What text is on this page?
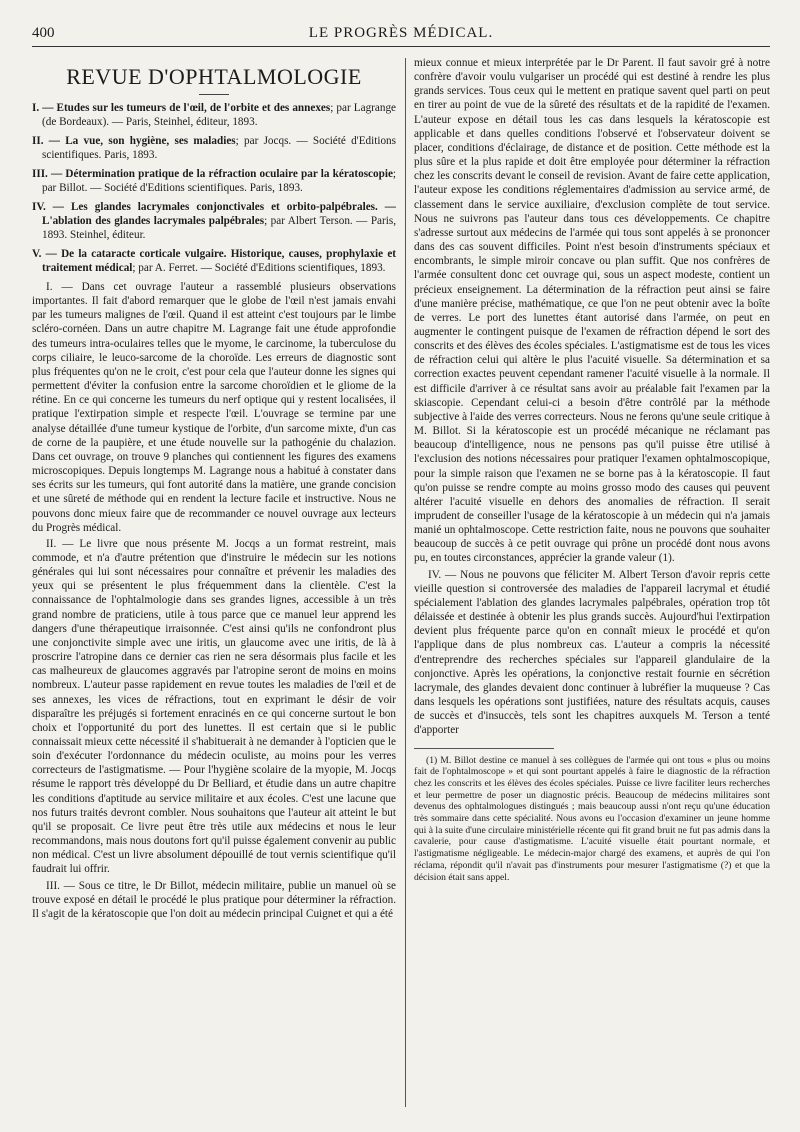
400	LE PROGRÈS MÉDICAL.
REVUE D'OPHTALMOLOGIE

I. — Etudes sur les tumeurs de l'œil, de l'orbite et des annexes; par Lagrange (de Bordeaux). — Paris, Steinhel, éditeur, 1893.

II. — La vue, son hygiène, ses maladies; par Jocqs. — Société d'Editions scientifiques. Paris, 1893.

III. — Détermination pratique de la réfraction oculaire par la kératoscopie; par Billot. — Société d'Editions scientifiques. Paris, 1893.

IV. — Les glandes lacrymales conjonctivales et orbito-palpébrales. — L'ablation des glandes lacrymales palpébrales; par Albert Terson. — Paris, 1893. Steinhel, éditeur.

V. — De la cataracte corticale vulgaire. Historique, causes, prophylaxie et traitement médical; par A. Ferret. — Société d'Editions scientifiques, 1893.

I. — Dans cet ouvrage l'auteur a rassemblé plusieurs observations importantes. Il fait d'abord remarquer que le globe de l'œil n'est jamais envahi par les tumeurs malignes de l'œil. Quand il est atteint c'est toujours par le limbe scléro-cornéen. Dans un autre chapitre M. Lagrange fait une étude approfondie des tumeurs intra-oculaires telles que le myome, le carcinome, la tuberculose du corps ciliaire, le leuco-sarcome de la choroïde. Les erreurs de diagnostic sont plus fréquentes qu'on ne le croit, c'est pour cela que l'auteur donne les signes qui permettent d'éviter la confusion entre la sarcome choroïdien et le gliome de la rétine. En ce qui concerne les tumeurs du nerf optique qui y restent localisées, il pratique l'extirpation simple et respecte l'œil. L'ouvrage se termine par une analyse détaillée d'une tumeur kystique de l'orbite, d'un sarcome mixte, d'un cas de corne de la paupière, et une étude nouvelle sur la pathogénie du chalazion. Dans cet ouvrage, on trouve 9 planches qui contiennent les figures des examens microscopiques. Depuis longtemps M. Lagrange nous a habitué à constater dans ses écrits sur les tumeurs, qui font autorité dans la matière, une grande concision et une sûreté de méthode qui en rendent la lecture facile et instructive. Nous ne pouvons donc mieux faire que de recommander ce nouvel ouvrage aux lecteurs du Progrès médical.

II. — Le livre que nous présente M. Jocqs a un format restreint, mais commode, et n'a d'autre prétention que d'instruire le médecin sur les notions générales qui lui sont nécessaires pour connaître et prévenir les maladies des yeux qui se présentent le plus fréquemment dans la clientèle. C'est la connaissance de l'ophtalmologie dans ses grandes lignes, accessible à un très grand nombre de praticiens, utile à tous parce que ce manuel leur apprend les dangers d'une thérapeutique irraisonnée. C'est ainsi qu'ils ne confondront plus une conjonctivite simple avec une iritis, un glaucome avec une iritis, de là à proscrire l'atropine dans ce dernier cas rien ne sera désormais plus facile et les cas malheureux de glaucomes aggravés par l'atropine seront de moins en moins nombreux. L'auteur passe rapidement en revue toutes les maladies de l'œil et de ses annexes, les vices de réfractions, tout en exprimant le désir de voir disparaître les préjugés si fortement enracinés en ce qui concerne surtout le bon choix et l'opportunité du port des lunettes. Il est certain que si le public connaissait mieux cette nécessité il s'habituerait à ne demander à l'opticien que le soin d'exécuter l'ordonnance du médecin oculiste, au moins pour les verres correcteurs de l'astigmatisme. — Pour l'hygiène scolaire de la myopie, M. Jocqs résume le rapport très développé du Dr Belliard, et étudie dans un autre chapitre les conditions d'aptitude au service militaire et aux écoles. C'est une lacune que nos futurs traités devront combler. Nous souhaitons que l'auteur ait atteint le but qu'il se proposait. Ce livre peut être très utile aux médecins et nous le leur recommandons, mais nous doutons fort qu'il puisse également convenir au public non médical. C'est un livre absolument dépouillé de tout vernis scientifique qu'il faudrait lui offrir.

III. — Sous ce titre, le Dr Billot, médecin militaire, publie un manuel où se trouve exposé en détail le procédé le plus pratique pour déterminer la réfraction. Il s'agit de la kératoscopie que l'on doit au médecin principal Cuignet et qui a été

mieux connue et mieux interprétée par le Dr Parent. Il faut savoir gré à notre confrère d'avoir voulu vulgariser un procédé qui est destiné à rendre les plus grands services. Tous ceux qui le mettent en pratique savent quel parti on peut en tirer au point de vue de la sûreté des résultats et de la rapidité de l'examen. L'auteur expose en détail tous les cas dans lesquels la kératoscopie est applicable et dans quelles conditions l'observé et l'observateur doivent se placer, conditions d'éclairage, de distance et de position. Cette méthode est la plus sûre et la plus rapide et doit être employée pour déterminer la réfraction chez les conscrits devant le conseil de revision. Avant de faire cette application, l'auteur expose les conditions réglementaires d'admission au service armé, de classement dans le service auxiliaire, d'exclusion complète de tout service. Nous ne suivrons pas l'auteur dans tous ces développements. Ce chapitre s'adresse surtout aux médecins de l'armée qui tous sont appelés à se prononcer dans des cas souvent difficiles. Point n'est besoin d'instruments spéciaux et encombrants, le simple miroir concave ou plan suffit. Que nos confrères de l'armée consultent donc cet ouvrage qui, sous un aspect modeste, contient un précieux enseignement. La détermination de la réfraction peut ainsi se faire d'une manière précise, mathématique, ce que l'on ne peut obtenir avec la boîte de verres. Le port des lunettes étant autorisé dans l'armée, on peut en augmenter le contingent puisque de l'examen de réfraction dépend le sort des conscrits et des élèves des écoles spéciales. L'astigmatisme est de tous les vices de réfraction celui qui altère le plus l'acuité visuelle. Sa détermination et sa correction exactes peuvent cependant ramener l'acuité visuelle à la normale. Il est difficile d'arriver à ce résultat sans avoir au préalable fait l'examen par la skiascopie. Cependant celui-ci a besoin d'être contrôlé par la méthode subjective à l'aide des verres correcteurs. Nous ne ferons qu'une seule critique à M. Billot. Si la kératoscopie est un procédé mécanique ne réclamant pas beaucoup d'intelligence, nous ne pensons pas qu'il puisse être utilisé à l'exclusion des notions nécessaires pour pratiquer l'examen ophtalmoscopique, pour la simple raison que l'examen ne se borne pas à la kératoscopie. Il faut qu'on puisse se rendre compte au moins grosso modo des causes qui peuvent altérer l'acuité visuelle en dehors des anomalies de réfraction. Il serait imprudent de conseiller l'usage de la kératoscopie à un médecin qui n'a jamais manié un ophtalmoscope. Cette restriction faite, nous ne pouvons que souhaiter beaucoup de succès à ce petit ouvrage qui prône un procédé dont nous avons pu, en toutes circonstances, apprécier la grande valeur (1).

IV. — Nous ne pouvons que féliciter M. Albert Terson d'avoir repris cette vieille question si controversée des maladies de l'appareil lacrymal et étudié spécialement l'ablation des glandes lacrymales palpébrales, opération trop tôt délaissée et destinée à obtenir les plus grands succès. Aujourd'hui l'extirpation devient plus fréquente parce qu'on en connaît mieux le procédé et qu'on l'applique dans de plus nombreux cas. L'auteur a compris la nécessité d'entreprendre des recherches spéciales sur l'appareil glandulaire de la conjonctive. Après les opérations, la conjonctive restait fournie en sécrétion lacrymale, des glandes devaient donc continuer à lubréfier la muqueuse ? Cas dans lesquels les opérations sont justifiées, nature des résultats acquis, causes de succès et d'insuccès, tels sont les chapitres auxquels M. Terson a tenté d'apporter

(1) M. Billot destine ce manuel à ses collègues de l'armée qui ont tous « plus ou moins fait de l'ophtalmoscope » et qui sont pourtant appelés à faire le diagnostic de la réfraction chez les conscrits et les élèves des écoles spéciales. Puisse ce livre faciliter leurs recherches et leur permettre de poser un diagnostic précis. Beaucoup de médecins militaires sont devenus des ophtalmologues distingués ; mais beaucoup aussi n'ont reçu qu'une éducation très sommaire dans cette spécialité. Nous avons eu l'occasion d'examiner un jeune homme qui à la suite d'une circulaire ministérielle récente qui fit grand bruit ne fut pas admis dans la cavalerie, pour cause d'astigmatisme. L'acuité visuelle était pourtant normale, et l'astigmatisme négligeable. Le médecin-major chargé des examens, et auprès de qui l'on réclama, répondit qu'il n'avait pas d'instruments pour mesurer l'astigmatisme (?) et que la décision était sans appel.
